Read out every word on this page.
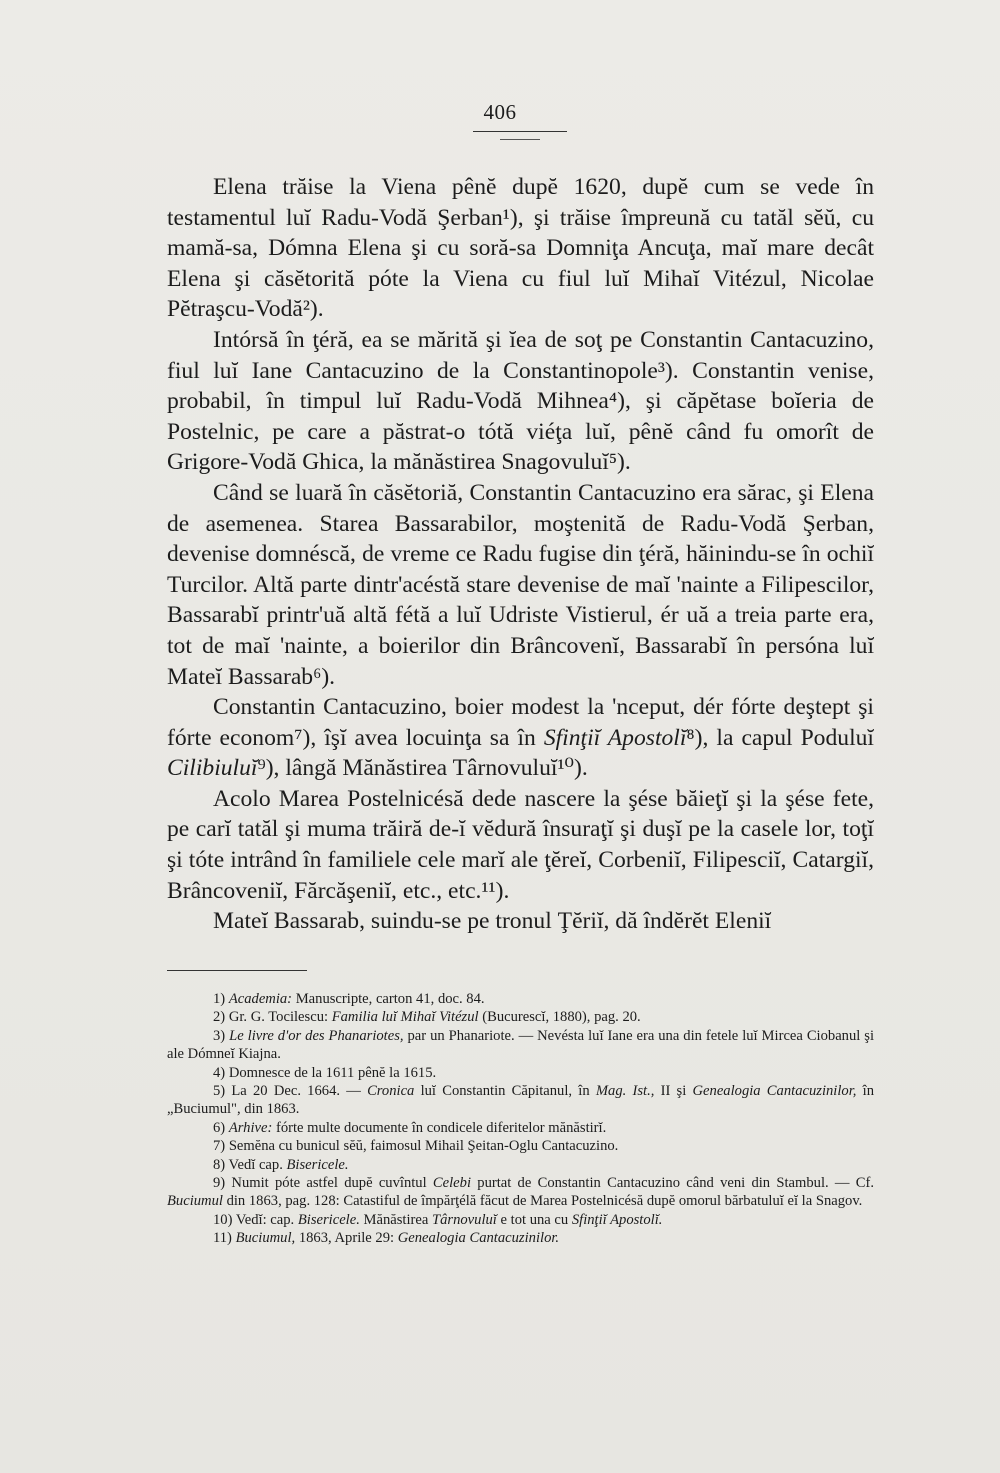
406

Elena trăise la Viena pênĕ dupĕ 1620, dupĕ cum se vede în testamentul luĭ Radu-Vodă Şerban¹), şi trăise împreună cu tatăl sĕŭ, cu mamă-sa, Dómna Elena şi cu soră-sa Domniţa Ancuţa, maĭ mare decât Elena şi căsĕtorită póte la Viena cu fiul luĭ Mihaĭ Vitézul, Nicolae Pĕtraşcu-Vodă²).

Intórsă în ţéră, ea se mărită şi ĭea de soţ pe Constantin Cantacuzino, fiul luĭ Iane Cantacuzino de la Constantinopole³). Constantin venise, probabil, în timpul luĭ Radu-Vodă Mihnea⁴), şi căpĕtase boĭeria de Postelnic, pe care a păstrat-o tótă viéţa luĭ, pênĕ când fu omorît de Grigore-Vodă Ghica, la mănăstirea Snagovuluĭ⁵).

Când se luară în căsĕtoriă, Constantin Cantacuzino era sărac, şi Elena de asemenea. Starea Bassarabilor, moştenită de Radu-Vodă Şerban, devenise domnéscă, de vreme ce Radu fugise din ţéră, hăinindu-se în ochiĭ Turcilor. Altă parte dintr'acéstă stare devenise de maĭ 'nainte a Filipescilor, Bassarabĭ printr'uă altă fétă a luĭ Udriste Vistierul, ér uă a treia parte era, tot de maĭ 'nainte, a boierilor din Brâncovenĭ, Bassarabĭ în persóna luĭ Mateĭ Bassarab⁶).

Constantin Cantacuzino, boier modest la 'nceput, dér fórte deştept şi fórte econom⁷), îşĭ avea locuinţa sa în Sfinţiĭ Apostolĭ⁸), la capul Poduluĭ Cilibiuluĭ⁹), lângă Mănăstirea Târnovuluĭ¹⁰).

Acolo Marea Postelnicésă dede nascere la şése băieţĭ şi la şése fete, pe carĭ tatăl şi muma trăiră de-ĭ vĕdură însuraţĭ şi duşĭ pe la casele lor, toţĭ şi tóte intrând în familiele cele marĭ ale ţĕreĭ, Corbeniĭ, Filipesciĭ, Catargiĭ, Brâncoveniĭ, Fărcăşeniĭ, etc., etc.¹¹).

Mateĭ Bassarab, suindu-se pe tronul Ţĕriĭ, dă îndĕrĕt Eleniĭ

1) Academia: Manuscripte, carton 41, doc. 84.

2) Gr. G. Tocilescu: Familia luĭ Mihaĭ Vitézul (Bucurescĭ, 1880), pag. 20.

3) Le livre d'or des Phanariotes, par un Phanariote. — Nevésta luĭ Iane era una din fetele luĭ Mircea Ciobanul şi ale Dómneĭ Kiajna.

4) Domnesce de la 1611 pênĕ la 1615.

5) La 20 Dec. 1664. — Cronica luĭ Constantin Căpitanul, în Mag. Ist., II şi Genealogia Cantacuzinilor, în „Buciumul", din 1863.

6) Arhive: fórte multe documente în condicele diferitelor mănăstirĭ.

7) Semĕna cu bunicul sĕŭ, faimosul Mihail Şeitan-Oglu Cantacuzino.

8) Vedĭ cap. Bisericele.

9) Numit póte astfel dupĕ cuvîntul Celebi purtat de Constantin Cantacuzino când veni din Stambul. — Cf. Buciumul din 1863, pag. 128: Catastiful de împărţélă făcut de Marea Postelnicésă dupĕ omorul bărbatuluĭ eĭ la Snagov.

10) Vedĭ: cap. Bisericele. Mănăstirea Târnovuluĭ e tot una cu Sfinţiĭ Apostolĭ.

11) Buciumul, 1863, Aprile 29: Genealogia Cantacuzinilor.
